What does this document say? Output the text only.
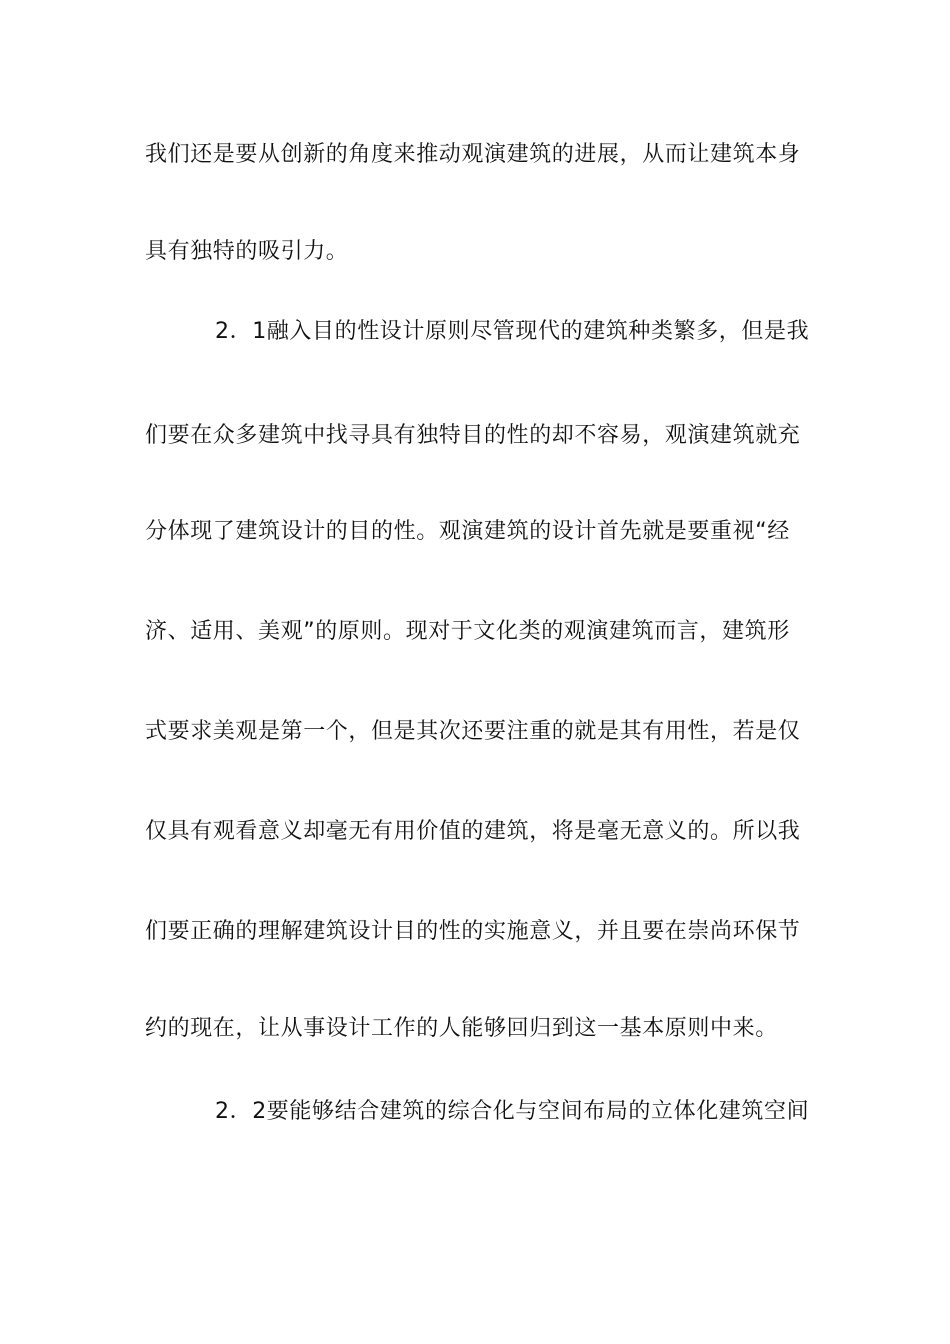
我们还是要从创新的角度来推动观演建筑的进展，从而让建筑本身
具有独特的吸引力。
2．1融入目的性设计原则尽管现代的建筑种类繁多，但是我
们要在众多建筑中找寻具有独特目的性的却不容易，观演建筑就充
分体现了建筑设计的目的性。观演建筑的设计首先就是要重视“经
济、适用、美观”的原则。现对于文化类的观演建筑而言，建筑形
式要求美观是第一个，但是其次还要注重的就是其有用性，若是仅
仅具有观看意义却毫无有用价值的建筑，将是毫无意义的。所以我
们要正确的理解建筑设计目的性的实施意义，并且要在崇尚环保节
约的现在，让从事设计工作的人能够回归到这一基本原则中来。
2．2要能够结合建筑的综合化与空间布局的立体化建筑空间
